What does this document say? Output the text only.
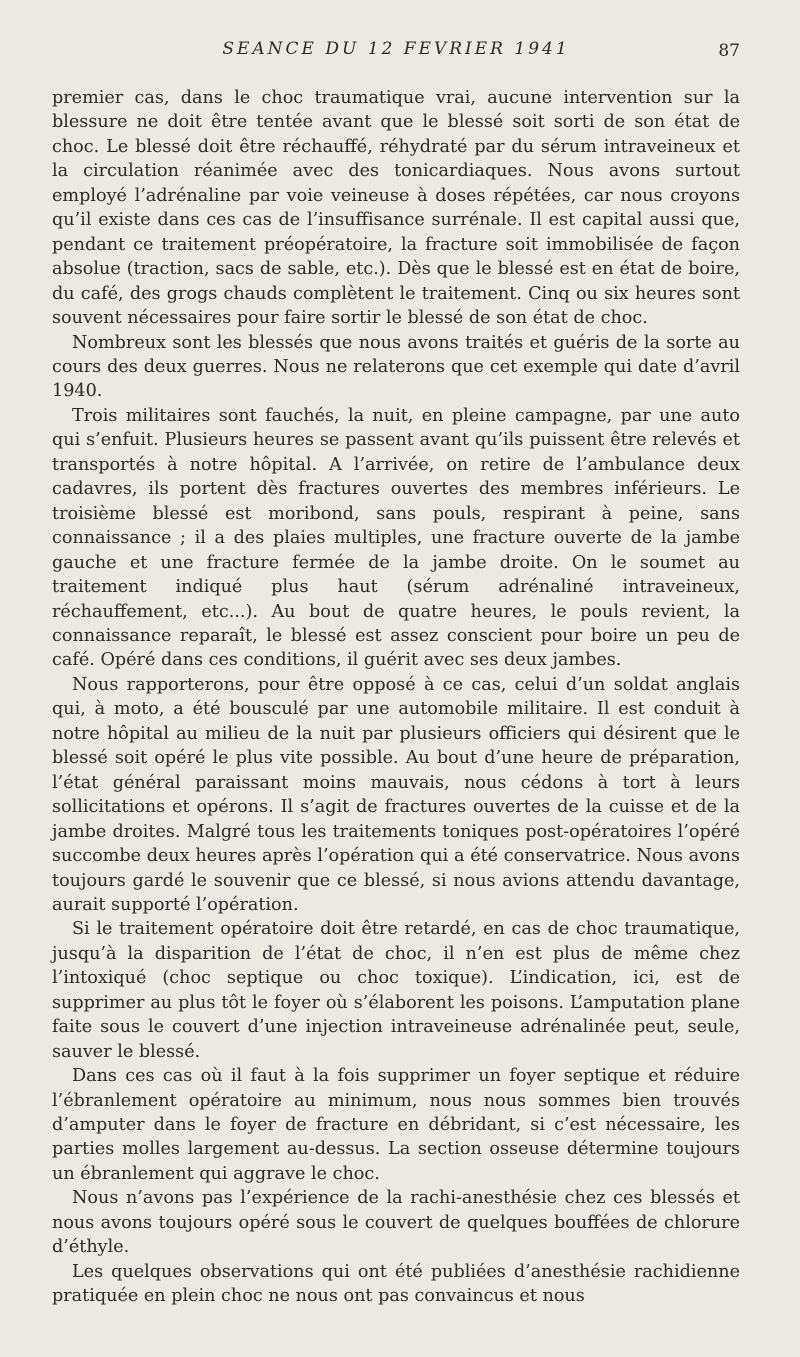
SEANCE DU 12 FEVRIER 1941	87

premier cas, dans le choc traumatique vrai, aucune intervention sur la blessure ne doit être tentée avant que le blessé soit sorti de son état de choc. Le blessé doit être réchauffé, réhydraté par du sérum intraveineux et la circulation réanimée avec des tonicardiaques. Nous avons surtout employé l’adrénaline par voie veineuse à doses répétées, car nous croyons qu’il existe dans ces cas de l’insuffisance surrénale. Il est capital aussi que, pendant ce traitement préopératoire, la fracture soit immobilisée de façon absolue (traction, sacs de sable, etc.). Dès que le blessé est en état de boire, du café, des grogs chauds complètent le traitement. Cinq ou six heures sont souvent nécessaires pour faire sortir le blessé de son état de choc.

Nombreux sont les blessés que nous avons traités et guéris de la sorte au cours des deux guerres. Nous ne relaterons que cet exemple qui date d’avril 1940.

Trois militaires sont fauchés, la nuit, en pleine campagne, par une auto qui s’enfuit. Plusieurs heures se passent avant qu’ils puissent être relevés et transportés à notre hôpital. A l’arrivée, on retire de l’ambulance deux cadavres, ils portent dès fractures ouvertes des membres inférieurs. Le troisième blessé est moribond, sans pouls, respirant à peine, sans connaissance ; il a des plaies multiples, une fracture ouverte de la jambe gauche et une fracture fermée de la jambe droite. On le soumet au traitement indiqué plus haut (sérum adrénaliné intraveineux, réchauffement, etc...). Au bout de quatre heures, le pouls revient, la connaissance reparaît, le blessé est assez conscient pour boire un peu de café. Opéré dans ces conditions, il guérit avec ses deux jambes.

Nous rapporterons, pour être opposé à ce cas, celui d’un soldat anglais qui, à moto, a été bousculé par une automobile militaire. Il est conduit à notre hôpital au milieu de la nuit par plusieurs officiers qui désirent que le blessé soit opéré le plus vite possible. Au bout d’une heure de préparation, l’état général paraissant moins mauvais, nous cédons à tort à leurs sollicitations et opérons. Il s’agit de fractures ouvertes de la cuisse et de la jambe droites. Malgré tous les traitements toniques post-opératoires l’opéré succombe deux heures après l’opération qui a été conservatrice. Nous avons toujours gardé le souvenir que ce blessé, si nous avions attendu davantage, aurait supporté l’opération.

Si le traitement opératoire doit être retardé, en cas de choc traumatique, jusqu’à la disparition de l’état de choc, il n’en est plus de même chez l’intoxiqué (choc septique ou choc toxique). L’indication, ici, est de supprimer au plus tôt le foyer où s’élaborent les poisons. L’amputation plane faite sous le couvert d’une injection intraveineuse adrénalinée peut, seule, sauver le blessé.

Dans ces cas où il faut à la fois supprimer un foyer septique et réduire l’ébranlement opératoire au minimum, nous nous sommes bien trouvés d’amputer dans le foyer de fracture en débridant, si c’est nécessaire, les parties molles largement au-dessus. La section osseuse détermine toujours un ébranlement qui aggrave le choc.

Nous n’avons pas l’expérience de la rachi-anesthésie chez ces blessés et nous avons toujours opéré sous le couvert de quelques bouffées de chlorure d’éthyle.

Les quelques observations qui ont été publiées d’anesthésie rachidienne pratiquée en plein choc ne nous ont pas convaincus et nous
